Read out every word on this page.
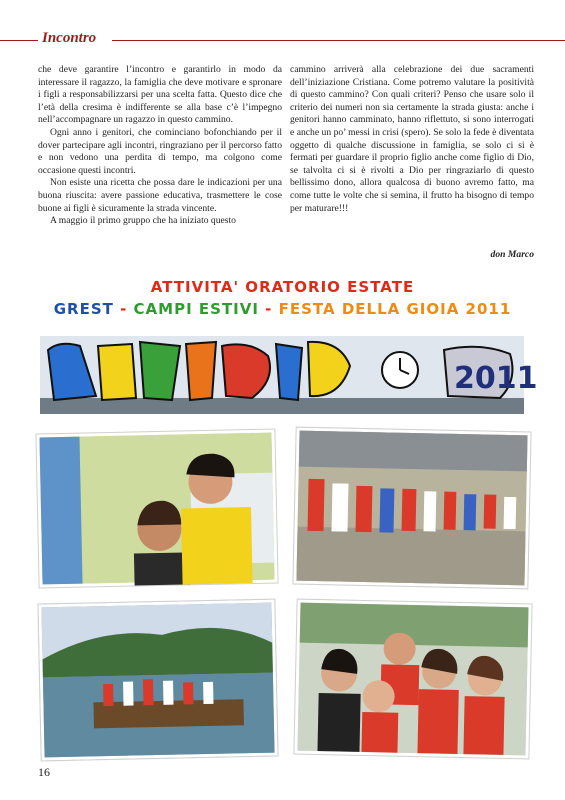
Incontro

che deve garantire l’incontro e garantirlo in modo da interessare il ragazzo, la famiglia che deve motivare e spronare i figli a responsabilizzarsi per una scelta fatta. Questo dice che l’età della cresima è indifferente se alla base c’è l’impegno nell’accompagnare un ragazzo in questo cammino.

Ogni anno i genitori, che cominciano bofonchiando per il dover partecipare agli incontri, ringraziano per il percorso fatto e non vedono una perdita di tempo, ma colgono come occasione questi incontri.

Non esiste una ricetta che possa dare le indicazioni per una buona riuscita: avere passione educativa, trasmettere le cose buone ai figli è sicuramente la strada vincente.

A maggio il primo gruppo che ha iniziato questo

cammino arriverà alla celebrazione dei due sacramenti dell’iniziazione Cristiana. Come potremo valutare la positività di questo cammino? Con quali criteri? Penso che usare solo il criterio dei numeri non sia certamente la strada giusta: anche i genitori hanno camminato, hanno riflettuto, si sono interrogati e anche un po’ messi in crisi (spero). Se solo la fede è diventata oggetto di qualche discussione in famiglia, se solo ci si è fermati per guardare il proprio figlio anche come figlio di Dio, se talvolta ci si è rivolti a Dio per ringraziarlo di questo bellissimo dono, allora qualcosa di buono avremo fatto, ma come tutte le volte che si semina, il frutto ha bisogno di tempo per maturare!!!

don Marco
ATTIVITA' ORATORIO ESTATE
GREST - CAMPI ESTIVI - FESTA DELLA GIOIA 2011
2011
16
